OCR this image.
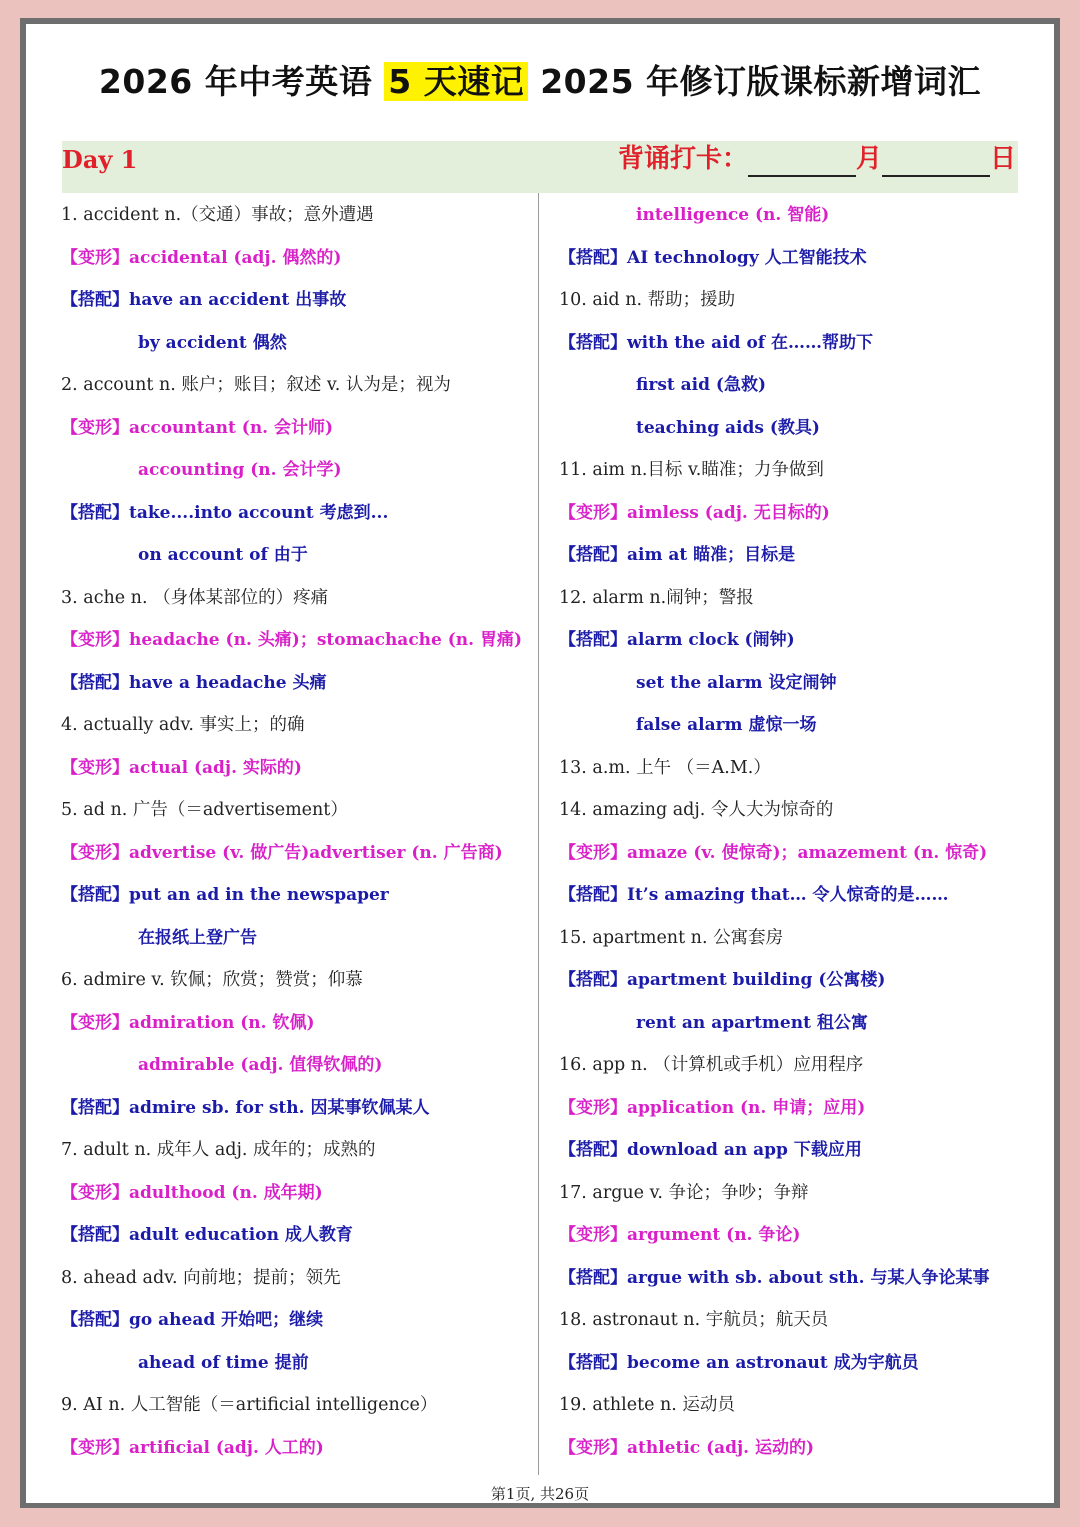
2026 年中考英语 5 天速记 2025 年修订版课标新增词汇
Day 1	背诵打卡：	月	日
1. accident n.（交通）事故；意外遭遇
【变形】accidental (adj. 偶然的)
【搭配】have an accident 出事故
by accident 偶然
2. account n. 账户；账目；叙述 v. 认为是；视为
【变形】accountant (n. 会计师)
accounting (n. 会计学)
【搭配】take....into account 考虑到...
on account of 由于
3. ache n. （身体某部位的）疼痛
【变形】headache (n. 头痛)；stomachache (n. 胃痛)
【搭配】have a headache 头痛
4. actually adv. 事实上；的确
【变形】actual (adj. 实际的)
5. ad n. 广告（＝advertisement）
【变形】advertise (v. 做广告)advertiser (n. 广告商)
【搭配】put an ad in the newspaper
在报纸上登广告
6. admire v. 钦佩；欣赏；赞赏；仰慕
【变形】admiration (n. 钦佩)
admirable (adj. 值得钦佩的)
【搭配】admire sb. for sth. 因某事钦佩某人
7. adult n. 成年人 adj. 成年的；成熟的
【变形】adulthood (n. 成年期)
【搭配】adult education 成人教育
8. ahead adv. 向前地；提前；领先
【搭配】go ahead 开始吧；继续
ahead of time 提前
9. AI n. 人工智能（＝artificial intelligence）
【变形】artificial (adj. 人工的)
intelligence (n. 智能)
【搭配】AI technology 人工智能技术
10. aid n. 帮助；援助
【搭配】with the aid of 在……帮助下
first aid (急救)
teaching aids (教具)
11. aim n.目标 v.瞄准；力争做到
【变形】aimless (adj. 无目标的)
【搭配】aim at 瞄准；目标是
12. alarm n.闹钟；警报
【搭配】alarm clock (闹钟)
set the alarm 设定闹钟
false alarm 虚惊一场
13. a.m. 上午 （＝A.M.）
14. amazing adj. 令人大为惊奇的
【变形】amaze (v. 使惊奇)；amazement (n. 惊奇)
【搭配】It’s amazing that… 令人惊奇的是……
15. apartment n. 公寓套房
【搭配】apartment building (公寓楼)
rent an apartment 租公寓
16. app n. （计算机或手机）应用程序
【变形】application (n. 申请；应用)
【搭配】download an app 下载应用
17. argue v. 争论；争吵；争辩
【变形】argument (n. 争论)
【搭配】argue with sb. about sth. 与某人争论某事
18. astronaut n. 宇航员；航天员
【搭配】become an astronaut 成为宇航员
19. athlete n. 运动员
【变形】athletic (adj. 运动的)
第1页, 共26页
